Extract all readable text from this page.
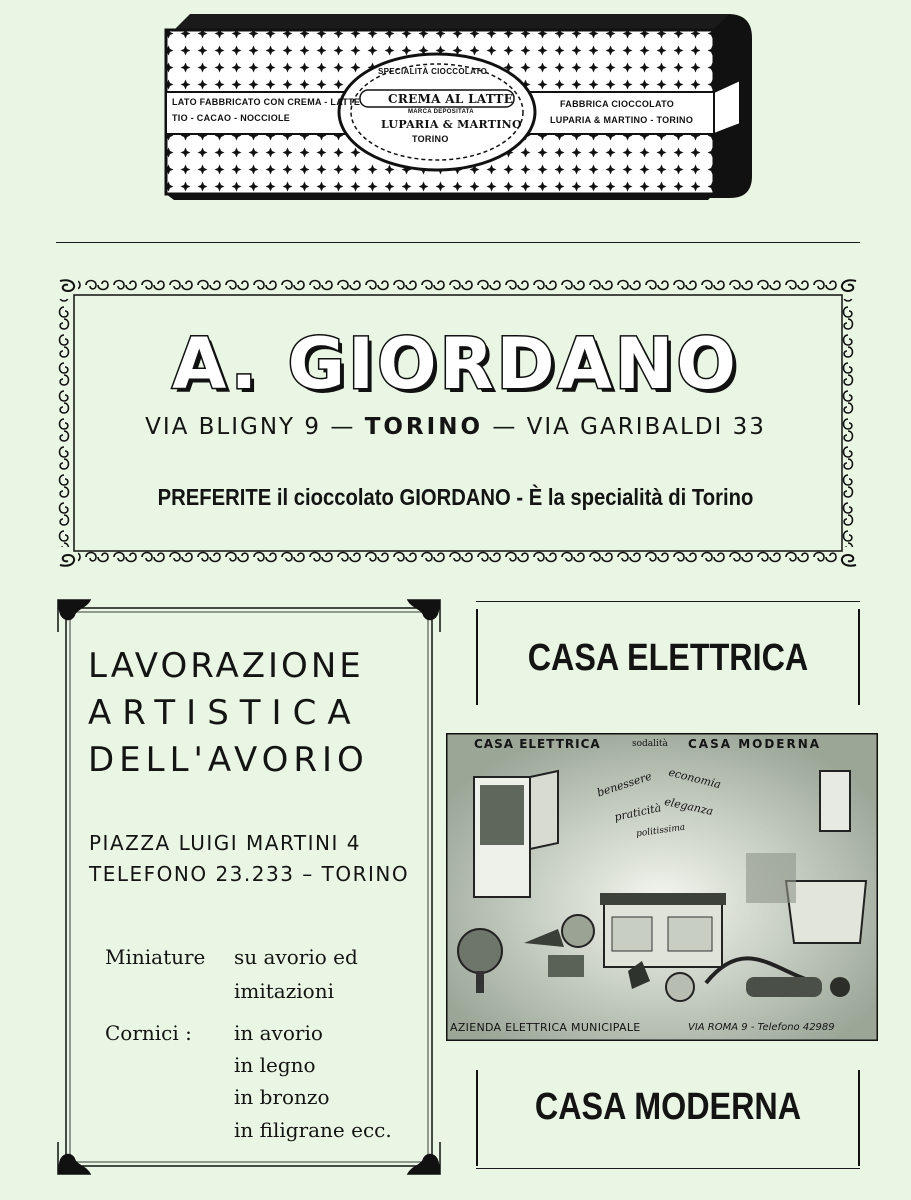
LATO FABBRICATO CON CREMA - LATTE
TIO - CACAO - NOCCIOLE
SPECIALITÀ CIOCCOLATO
CREMA AL LATTE
MARCA DEPOSITATA
LUPARIA & MARTINO
TORINO
FABBRICA CIOCCOLATO
LUPARIA & MARTINO - TORINO
A. GIORDANO
VIA BLIGNY 9 — TORINO — VIA GARIBALDI 33
PREFERITE il cioccolato GIORDANO - È la specialità di Torino
LAVORAZIONE
ARTISTICA
DELL'AVORIO
PIAZZA LUIGI MARTINI 4
TELEFONO 23.233 – TORINO
Miniature su avorio ed
imitazioni
Cornici : in avorio
in legno
in bronzo
in filigrane ecc.
CASA ELETTRICA
CASA ELETTRICA	sodalità CASA MODERNA
benessere economia
praticità eleganza
politissima
AZIENDA ELETTRICA MUNICIPALE	VIA ROMA 9 - Telefono 42989
CASA MODERNA
